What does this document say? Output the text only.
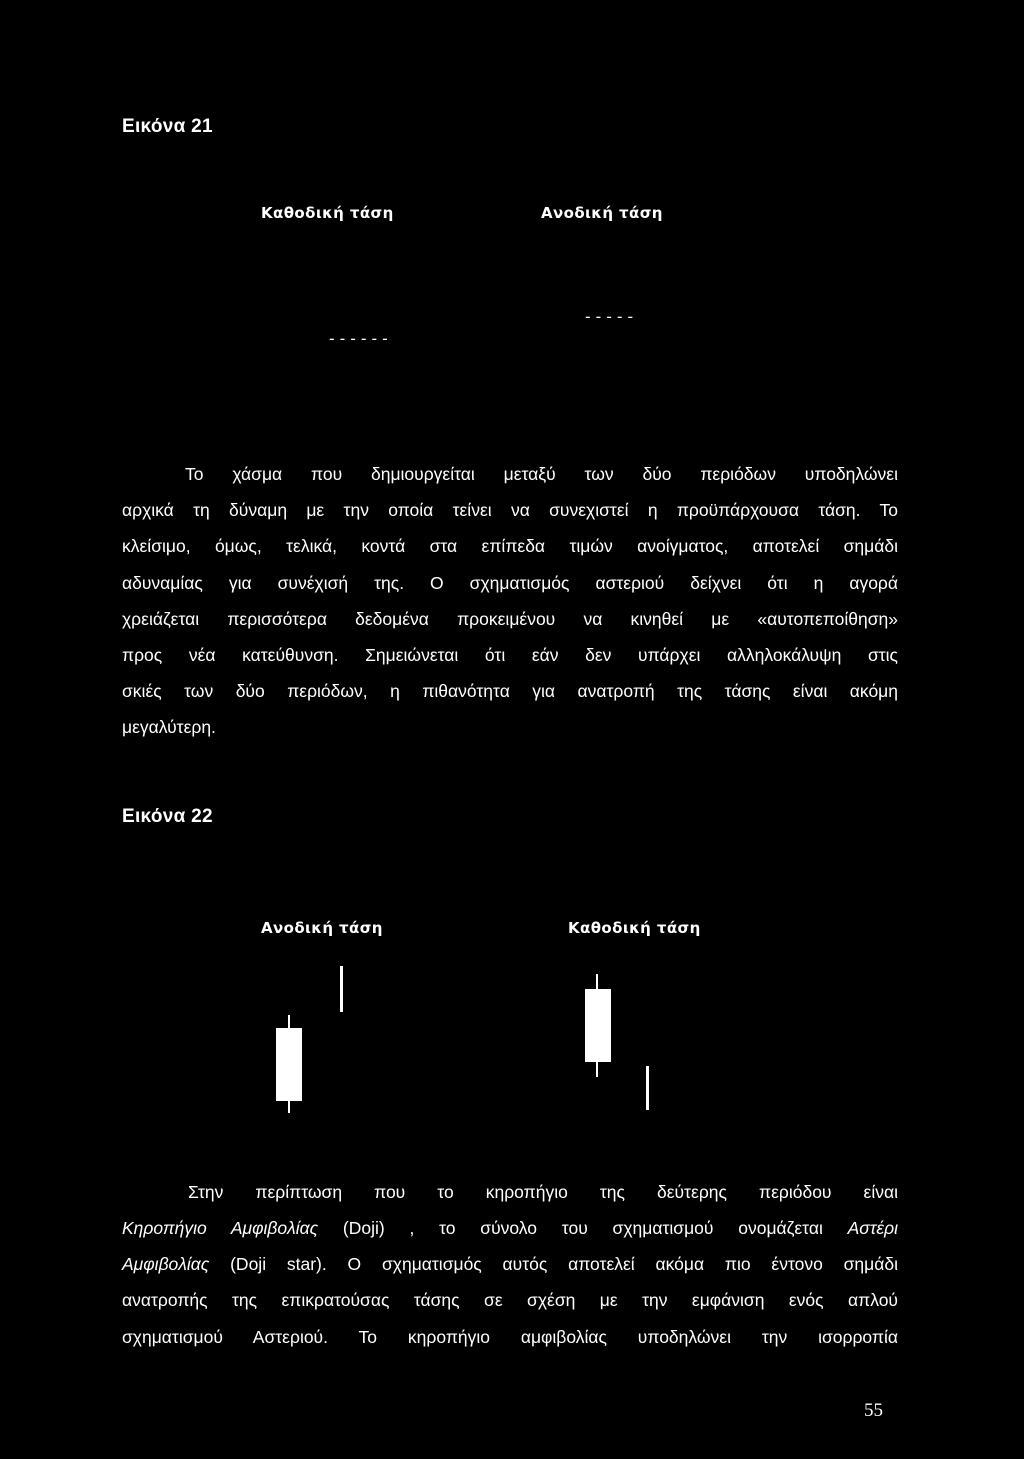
Εικόνα 21
Καθοδική τάση	Ανοδική τάση
-----
------
Το χάσμα που δημιουργείται μεταξύ των δύο περιόδων υποδηλώνει
αρχικά τη δύναμη με την οποία τείνει να συνεχιστεί η προϋπάρχουσα τάση. Το
κλείσιμο, όμως, τελικά, κοντά στα επίπεδα τιμών ανοίγματος, αποτελεί σημάδι
αδυναμίας για συνέχισή της. Ο σχηματισμός αστεριού δείχνει ότι η αγορά
χρειάζεται περισσότερα δεδομένα προκειμένου να κινηθεί με «αυτοπεποίθηση»
προς νέα κατεύθυνση. Σημειώνεται ότι εάν δεν υπάρχει αλληλοκάλυψη στις
σκιές των δύο περιόδων, η πιθανότητα για ανατροπή της τάσης είναι ακόμη
μεγαλύτερη.
Εικόνα 22
Ανοδική τάση	Καθοδική τάση
Στην περίπτωση που το κηροπήγιο της δεύτερης περιόδου είναι
Κηροπήγιο Αμφιβολίας (Doji) , το σύνολο του σχηματισμού ονομάζεται Αστέρι
Αμφιβολίας (Doji star). Ο σχηματισμός αυτός αποτελεί ακόμα πιο έντονο σημάδι
ανατροπής της επικρατούσας τάσης σε σχέση με την εμφάνιση ενός απλού
σχηματισμού Αστεριού. Το κηροπήγιο αμφιβολίας υποδηλώνει την ισορροπία
55
